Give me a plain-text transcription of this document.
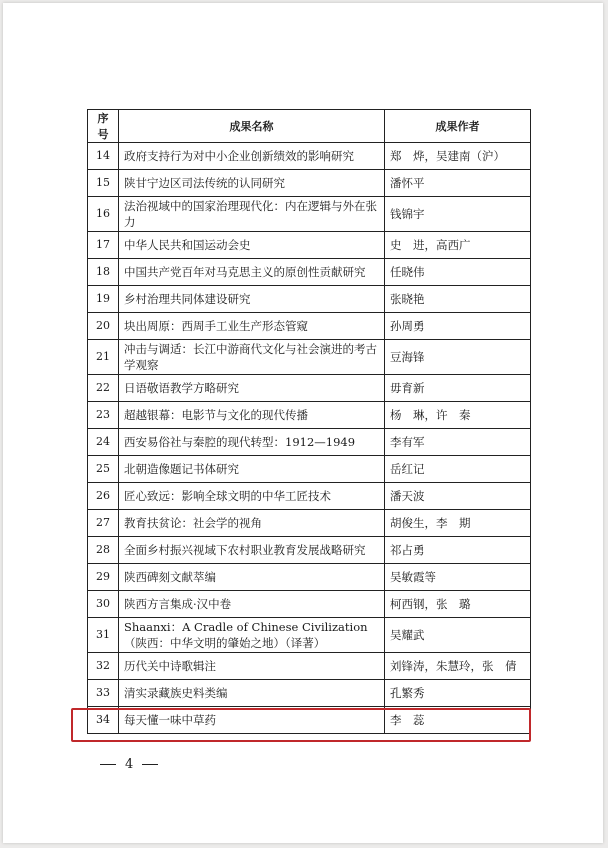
序号	成果名称	成果作者
14	政府支持行为对中小企业创新绩效的影响研究	郑　烨，吴建南（沪）
15	陕甘宁边区司法传统的认同研究	潘怀平
16	法治视域中的国家治理现代化：内在逻辑与外在张力	钱锦宇
17	中华人民共和国运动会史	史　进，高西广
18	中国共产党百年对马克思主义的原创性贡献研究	任晓伟
19	乡村治理共同体建设研究	张晓艳
20	块出周原：西周手工业生产形态管窥	孙周勇
21	冲击与调适：长江中游商代文化与社会演进的考古学观察	豆海锋
22	日语敬语教学方略研究	毋育新
23	超越银幕：电影节与文化的现代传播	杨　琳，许　秦
24	西安易俗社与秦腔的现代转型：1912—1949	李有军
25	北朝造像题记书体研究	岳红记
26	匠心致远：影响全球文明的中华工匠技术	潘天波
27	教育扶贫论：社会学的视角	胡俊生，李　期
28	全面乡村振兴视域下农村职业教育发展战略研究	祁占勇
29	陕西碑刻文献萃编	吴敏霞等
30	陕西方言集成·汉中卷	柯西钢，张　璐
31	Shaanxi：A Cradle of Chinese Civilization（陕西：中华文明的肇始之地）（译著）	吴耀武
32	历代关中诗歌辑注	刘锋涛，朱慧玲，张　倩
33	清实录藏族史料类编	孔繁秀
34	每天懂一味中草药	李　蕊
4
